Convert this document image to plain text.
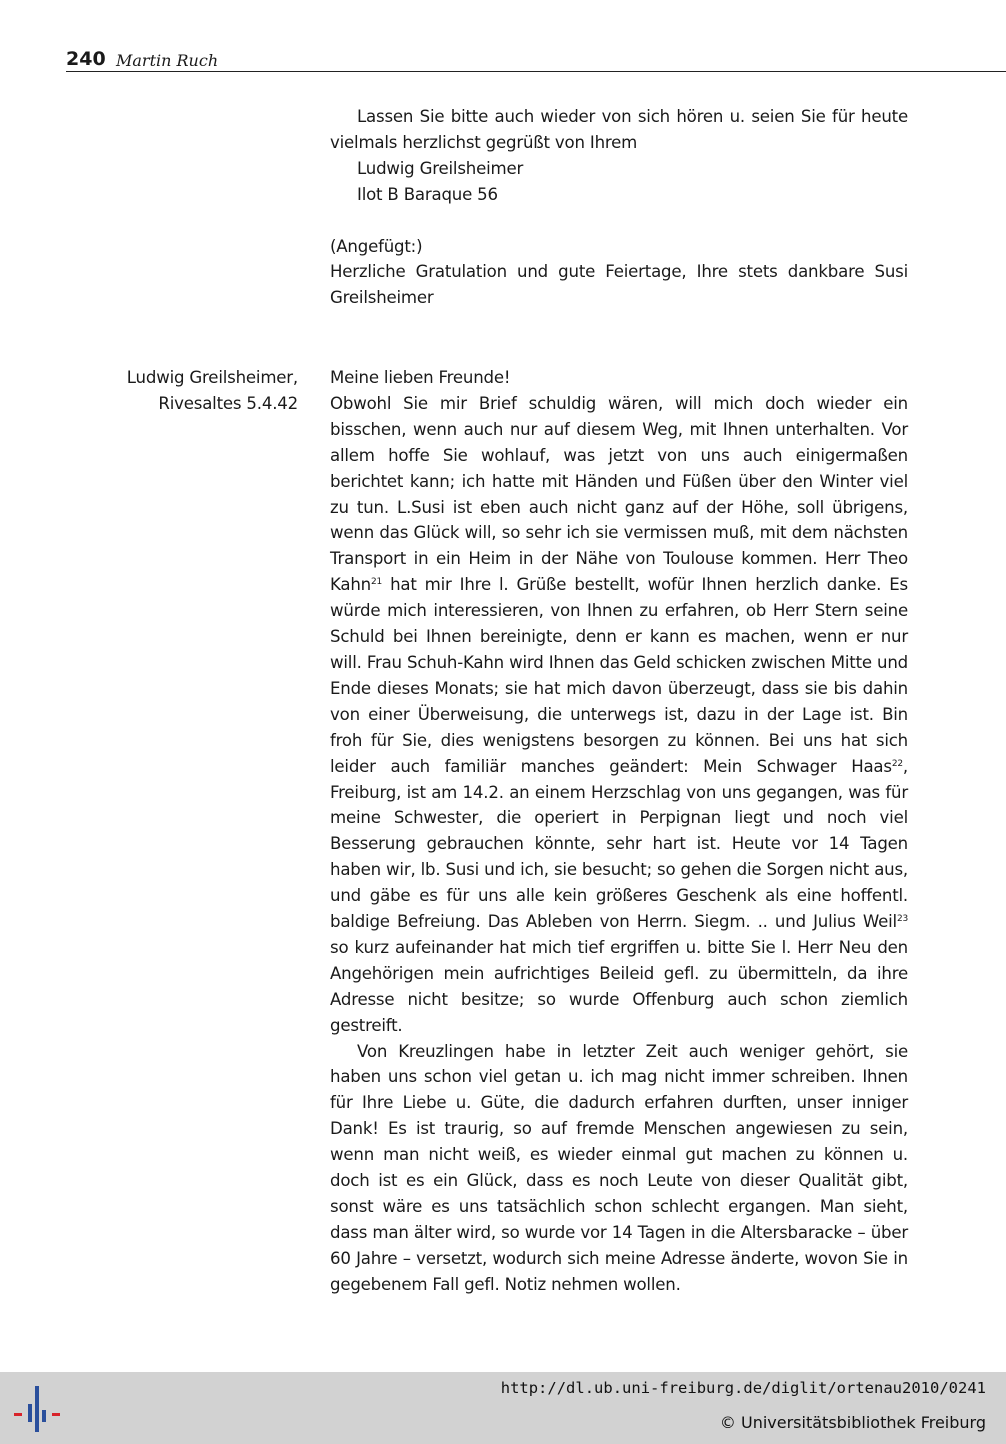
240 Martin Ruch

Lassen Sie bitte auch wieder von sich hören u. seien Sie für heute vielmals herzlichst gegrüßt von Ihrem

Ludwig Greilsheimer

Ilot B Baraque 56

(Angefügt:)

Herzliche Gratulation und gute Feiertage, Ihre stets dankbare Susi Greilsheimer

Ludwig Greilsheimer,
Rivesaltes 5.4.42

Meine lieben Freunde!

Obwohl Sie mir Brief schuldig wären, will mich doch wieder ein bisschen, wenn auch nur auf diesem Weg, mit Ihnen unterhalten. Vor allem hoffe Sie wohlauf, was jetzt von uns auch einigermaßen berichtet kann; ich hatte mit Händen und Füßen über den Winter viel zu tun. L.Susi ist eben auch nicht ganz auf der Höhe, soll übrigens, wenn das Glück will, so sehr ich sie vermissen muß, mit dem nächsten Transport in ein Heim in der Nähe von Toulouse kommen. Herr Theo Kahn$^{21}$ hat mir Ihre l. Grüße bestellt, wofür Ihnen herzlich danke. Es würde mich interessieren, von Ihnen zu erfahren, ob Herr Stern seine Schuld bei Ihnen bereinigte, denn er kann es machen, wenn er nur will. Frau Schuh-Kahn wird Ihnen das Geld schicken zwischen Mitte und Ende dieses Monats; sie hat mich davon überzeugt, dass sie bis dahin von einer Überweisung, die unterwegs ist, dazu in der Lage ist. Bin froh für Sie, dies wenigstens besorgen zu können. Bei uns hat sich leider auch familiär manches geändert: Mein Schwager Haas$^{22}$, Freiburg, ist am 14.2. an einem Herzschlag von uns gegangen, was für meine Schwester, die operiert in Perpignan liegt und noch viel Besserung gebrauchen könnte, sehr hart ist. Heute vor 14 Tagen haben wir, lb. Susi und ich, sie besucht; so gehen die Sorgen nicht aus, und gäbe es für uns alle kein größeres Geschenk als eine hoffentl. baldige Befreiung. Das Ableben von Herrn. Siegm. .. und Julius Weil$^{23}$ so kurz aufeinander hat mich tief ergriffen u. bitte Sie l. Herr Neu den Angehörigen mein aufrichtiges Beileid gefl. zu übermitteln, da ihre Adresse nicht besitze; so wurde Offenburg auch schon ziemlich gestreift.

Von Kreuzlingen habe in letzter Zeit auch weniger gehört, sie haben uns schon viel getan u. ich mag nicht immer schreiben. Ihnen für Ihre Liebe u. Güte, die dadurch erfahren durften, unser inniger Dank! Es ist traurig, so auf fremde Menschen angewiesen zu sein, wenn man nicht weiß, es wieder einmal gut machen zu können u. doch ist es ein Glück, dass es noch Leute von dieser Qualität gibt, sonst wäre es uns tatsächlich schon schlecht ergangen. Man sieht, dass man älter wird, so wurde vor 14 Tagen in die Altersbaracke – über 60 Jahre – versetzt, wodurch sich meine Adresse änderte, wovon Sie in gegebenem Fall gefl. Notiz nehmen wollen.

http://dl.ub.uni-freiburg.de/diglit/ortenau2010/0241
© Universitätsbibliothek Freiburg
